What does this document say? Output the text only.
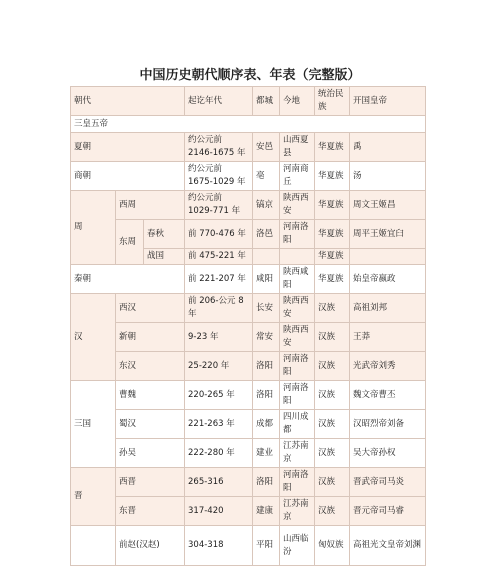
中国历史朝代顺序表、年表（完整版）
朝代			起讫年代	都城	今地	统治民族	开国皇帝
三皇五帝							
夏朝			约公元前 2146-1675 年	安邑	山西夏县	华夏族	禹
商朝			约公元前 1675-1029 年	亳	河南商丘	华夏族	汤
周	西周		约公元前 1029-771 年	镐京	陕西西安	华夏族	周文王姬昌
	东周	春秋	前 770-476 年	洛邑	河南洛阳	华夏族	周平王姬宜臼
		战国	前 475-221 年			华夏族	
秦朝			前 221-207 年	咸阳	陕西咸阳	华夏族	始皇帝嬴政
汉	西汉		前 206-公元 8 年	长安	陕西西安	汉族	高祖刘邦
	新朝		9-23 年	常安	陕西西安	汉族	王莽
	东汉		25-220 年	洛阳	河南洛阳	汉族	光武帝刘秀
三国	曹魏		220-265 年	洛阳	河南洛阳	汉族	魏文帝曹丕
	蜀汉		221-263 年	成都	四川成都	汉族	汉昭烈帝刘备
	孙吴		222-280 年	建业	江苏南京	汉族	吴大帝孙权
晋	西晋		265-316	洛阳	河南洛阳	汉族	晋武帝司马炎
	东晋		317-420	建康	江苏南京	汉族	晋元帝司马睿
	前赵(汉赵)		304-318	平阳	山西临汾	匈奴族	高祖光文皇帝刘渊
